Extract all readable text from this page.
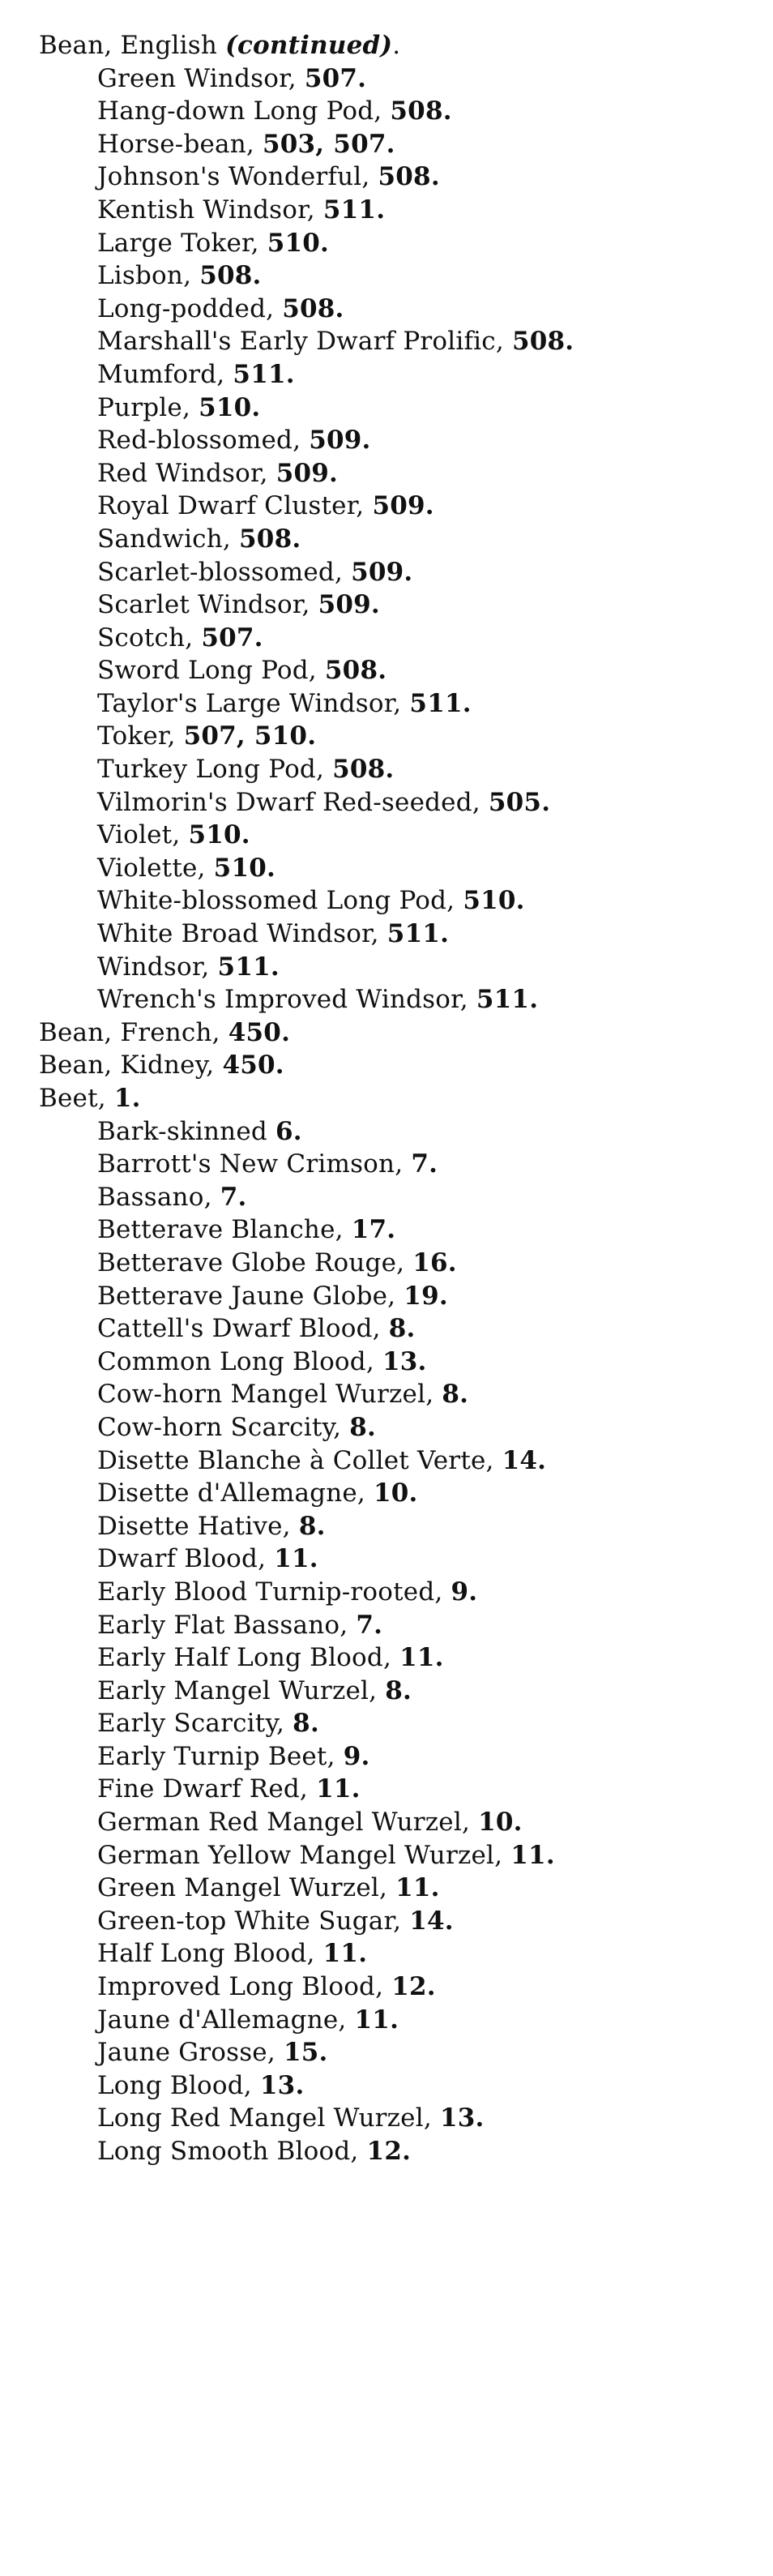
Bean, English (continued).
Green Windsor, 507.
Hang-down Long Pod, 508.
Horse-bean, 503, 507.
Johnson's Wonderful, 508.
Kentish Windsor, 511.
Large Toker, 510.
Lisbon, 508.
Long-podded, 508.
Marshall's Early Dwarf Prolific, 508.
Mumford, 511.
Purple, 510.
Red-blossomed, 509.
Red Windsor, 509.
Royal Dwarf Cluster, 509.
Sandwich, 508.
Scarlet-blossomed, 509.
Scarlet Windsor, 509.
Scotch, 507.
Sword Long Pod, 508.
Taylor's Large Windsor, 511.
Toker, 507, 510.
Turkey Long Pod, 508.
Vilmorin's Dwarf Red-seeded, 505.
Violet, 510.
Violette, 510.
White-blossomed Long Pod, 510.
White Broad Windsor, 511.
Windsor, 511.
Wrench's Improved Windsor, 511.
Bean, French, 450.
Bean, Kidney, 450.
Beet, 1.
Bark-skinned 6.
Barrott's New Crimson, 7.
Bassano, 7.
Betterave Blanche, 17.
Betterave Globe Rouge, 16.
Betterave Jaune Globe, 19.
Cattell's Dwarf Blood, 8.
Common Long Blood, 13.
Cow-horn Mangel Wurzel, 8.
Cow-horn Scarcity, 8.
Disette Blanche à Collet Verte, 14.
Disette d'Allemagne, 10.
Disette Hative, 8.
Dwarf Blood, 11.
Early Blood Turnip-rooted, 9.
Early Flat Bassano, 7.
Early Half Long Blood, 11.
Early Mangel Wurzel, 8.
Early Scarcity, 8.
Early Turnip Beet, 9.
Fine Dwarf Red, 11.
German Red Mangel Wurzel, 10.
German Yellow Mangel Wurzel, 11.
Green Mangel Wurzel, 11.
Green-top White Sugar, 14.
Half Long Blood, 11.
Improved Long Blood, 12.
Jaune d'Allemagne, 11.
Jaune Grosse, 15.
Long Blood, 13.
Long Red Mangel Wurzel, 13.
Long Smooth Blood, 12.
